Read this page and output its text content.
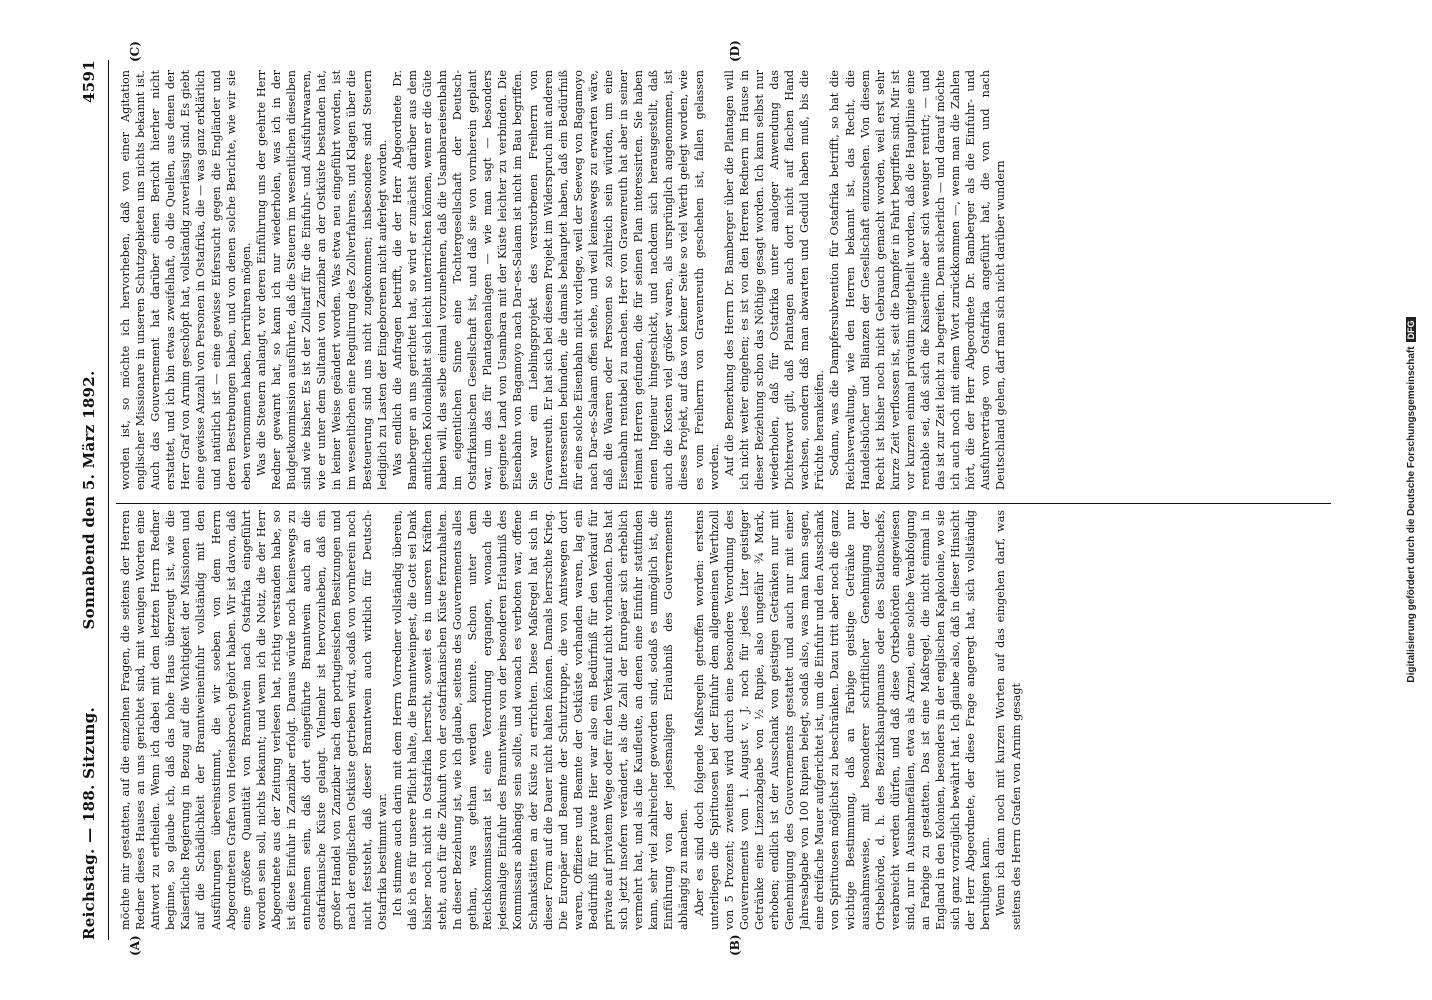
Reichstag. — 188. Sitzung.
Sonnabend den 5. März 1892.
4591
(A)	(B)
(C)	(D)

möchte mir gestatten, auf die einzelnen Fragen, die seitens der Herren Redner dieses Hauses an uns gerichtet sind, mit wenigen Worten eine Antwort zu ertheilen. Wenn ich dabei mit dem letzten Herrn Redner beginne, so glaube ich, daß das hohe Haus überzeugt ist, wie die Kaiserliche Regierung in Bezug auf die Wichtigkeit der Missionen und auf die Schädlichkeit der Branntweineinfuhr vollständig mit den Ausführungen übereinstimmt, die wir soeben von dem Herrn Abgeordneten Grafen von Hoensbroech gehört haben. Wir ist davon, daß eine größere Quantität von Branntwein nach Ostafrika eingeführt worden sein soll, nichts bekannt; und wenn ich die Notiz, die der Herr Abgeordnete aus der Zeitung verlesen hat, richtig verstanden habe, so ist diese Einfuhr in Zanzibar erfolgt. Daraus würde noch keineswegs zu entnehmen sein, daß dort eingeführte Branntwein auch an die ostafrikanische Küste gelangt. Vielmehr ist hervorzuheben, daß ein großer Handel von Zanzibar nach den portugiesischen Besitzungen und nach der englischen Ostküste getrieben wird, sodaß von vornherein noch nicht feststeht, daß dieser Branntwein auch wirklich für Deutsch-Ostafrika bestimmt war. Ich stimme auch darin mit dem Herrn Vorredner vollständig überein, daß ich es für unsere Pflicht halte, die Branntweinpest, die Gott sei Dank bisher noch nicht in Ostafrika herrscht, soweit es in unseren Kräften steht, auch für die Zukunft von der ostafrikanischen Küste fernzuhalten. In dieser Beziehung ist, wie ich glaube, seitens des Gouvernements alles gethan, was gethan werden konnte. Schon unter dem Reichskommissariat ist eine Verordnung ergangen, wonach die jedesmalige Einfuhr des Branntweins von der besonderen Erlaubniß des Kommissars abhängig sein sollte, und wonach es verboten war, offene Schankstätten an der Küste zu errichten. Diese Maßregel hat sich in dieser Form auf die Dauer nicht halten können. Damals herrschte Krieg. Die Europäer und Beamte der Schutztruppe, die von Amtswegen dort waren, Offiziere und Beamte der Ostküste vorhanden waren, lag ein Bedürfniß für private Hier war also ein Bedürfniß für den Verkauf für private auf privatem Wege oder für den Verkauf nicht vorhanden. Das hat sich jetzt insofern verändert, als die Zahl der Europäer sich erheblich vermehrt hat, und als die Kaufleute, an denen eine Einfuhr stattfinden kann, sehr viel zahlreicher geworden sind, sodaß es unmöglich ist, die Einführung von der jedesmaligen Erlaubniß des Gouvernements abhängig zu machen. Aber es sind doch folgende Maßregeln getroffen worden: erstens unterliegen die Spirituosen bei der Einfuhr dem allgemeinen Werthzoll von 5 Prozent; zweitens wird durch eine besondere Verordnung des Gouvernements vom 1. August v. J. noch für jedes Liter geistiger Getränke eine Lizenzabgabe von ½ Rupie, also ungefähr ¾ Mark, erhoben; endlich ist der Ausschank von geistigen Getränken nur mit Genehmigung des Gouvernements gestattet und auch nur mit einer Jahresabgabe von 100 Rupien belegt, sodaß also, was man kann sagen, eine dreifache Mauer aufgerichtet ist, um die Einfuhr und den Ausschank von Spirituosen möglichst zu beschränken. Dazu tritt aber noch die ganz wichtige Bestimmung, daß an Farbige geistige Getränke nur ausnahmsweise, mit besonderer schriftlicher Genehmigung der Ortsbehörde, d. h. des Bezirkshauptmanns oder des Stationschefs, verabreicht werden dürfen, und daß diese Ortsbehörden angewiesen sind, nur in Ausnahmefällen, etwa als Arznei, eine solche Verabfolgung an Farbige zu gestatten. Das ist eine Maßregel, die nicht einmal in England in den Kolonien, besonders in der englischen Kapkolonie, wo sie sich ganz vorzüglich bewährt hat. Ich glaube also, daß in dieser Hinsicht der Herr Abgeordnete, der diese Frage angeregt hat, sich vollständig beruhigen kann. Wenn ich dann noch mit kurzen Worten auf das eingehen darf, was seitens des Herrn Grafen von Arnim gesagt

worden ist, so möchte ich hervorheben, daß von einer Agitation englischer Missionare in unseren Schutzgebieten uns nichts bekannt ist. Auch das Gouvernement hat darüber einen Bericht hierher nicht erstattet, und ich bin etwas zweifelhaft, ob die Quellen, aus denen der Herr Graf von Arnim geschöpft hat, vollständig zuverlässig sind. Es giebt eine gewisse Anzahl von Personen in Ostafrika, die — was ganz erklärlich und natürlich ist — eine gewisse Eifersucht gegen die Engländer und deren Bestrebungen haben, und von denen solche Berichte, wie wir sie eben vernommen haben, herrühren mögen. Was die Steuern anlangt, vor deren Einführung uns der geehrte Herr Redner gewarnt hat, so kann ich nur wiederholen, was ich in der Budgetkommission ausführte, daß die Steuern im wesentlichen dieselben sind wie bisher. Es ist der Zolltarif für die Einfuhr- und Ausfuhrwaaren, wie er unter dem Sultanat von Zanzibar an der Ostküste bestanden hat, in keiner Weise geändert worden. Was etwa neu eingeführt worden, ist im wesentlichen eine Regulirung des Zollverfahrens, und Klagen über die Besteuerung sind uns nicht zugekommen; insbesondere sind Steuern lediglich zu Lasten der Eingeborenen nicht auferlegt worden. Was endlich die Anfragen betrifft, die der Herr Abgeordnete Dr. Bamberger an uns gerichtet hat, so wird er zunächst darüber aus dem amtlichen Kolonialblatt sich leicht unterrichten können, wenn er die Güte haben will, das selbe einmal vorzunehmen, daß die Usambaraeisenbahn im eigentlichen Sinne eine Tochtergesellschaft der Deutsch-Ostafrikanischen Gesellschaft ist, und daß sie von vornherein geplant war, um das für Plantagenanlagen — wie man sagt — besonders geeignete Land von Usambara mit der Küste leichter zu verbinden. Die Eisenbahn von Bagamoyo nach Dar-es-Salaam ist nicht im Bau begriffen. Sie war ein Lieblingsprojekt des verstorbenen Freiherrn von Gravenreuth. Er hat sich bei diesem Projekt im Widerspruch mit anderen Interessenten befunden, die damals behauptet haben, daß ein Bedürfniß für eine solche Eisenbahn nicht vorliege, weil der Seeweg von Bagamoyo nach Dar-es-Salaam offen stehe, und weil keineswegs zu erwarten wäre, daß die Waaren oder Personen so zahlreich sein würden, um eine Eisenbahn rentabel zu machen. Herr von Gravenreuth hat aber in seiner Heimat Herren gefunden, die für seinen Plan interessirten. Sie haben einen Ingenieur hingeschickt, und nachdem sich herausgestellt, daß auch die Kosten viel größer waren, als ursprünglich angenommen, ist dieses Projekt, auf das von keiner Seite so viel Werth gelegt worden, wie es vom Freiherrn von Gravenreuth geschehen ist, fallen gelassen worden. Auf die Bemerkung des Herrn Dr. Bamberger über die Plantagen will ich nicht weiter eingehen; es ist von den Herren Rednern im Hause in dieser Beziehung schon das Nöthige gesagt worden. Ich kann selbst nur wiederholen, daß für Ostafrika unter analoger Anwendung das Dichterwort gilt, daß Plantagen auch dort nicht auf flachen Hand wachsen, sondern daß man abwarten und Geduld haben muß, bis die Früchte herankeifen. Sodann, was die Dampfersubvention für Ostafrika betrifft, so hat die Reichsverwaltung, wie den Herren bekannt ist, das Recht, die Handelsbücher und Bilanzen der Gesellschaft einzusehen. Von diesem Recht ist bisher noch nicht Gebrauch gemacht worden, weil erst sehr kurze Zeit verflossen ist, seit die Dampfer in Fahrt begriffen sind. Mir ist vor kurzem einmal privatim mitgetheilt worden, daß die Hauptlinie eine rentable sei, daß sich die Kaiserlinie aber sich weniger rentirt; — und das ist zur Zeit leicht zu begreifen. Denn sicherlich — und darauf möchte ich auch noch mit einem Wort zurückkommen —, wenn man die Zahlen hört, die der Herr Abgeordnete Dr. Bamberger als die Einfuhr- und Ausfuhrverträge von Ostafrika angeführt hat, die von und nach Deutschland gehen, darf man sich nicht darüber wundern

Digitalisierung gefördert durch die Deutsche ForschungsgemeinschaftDFG
